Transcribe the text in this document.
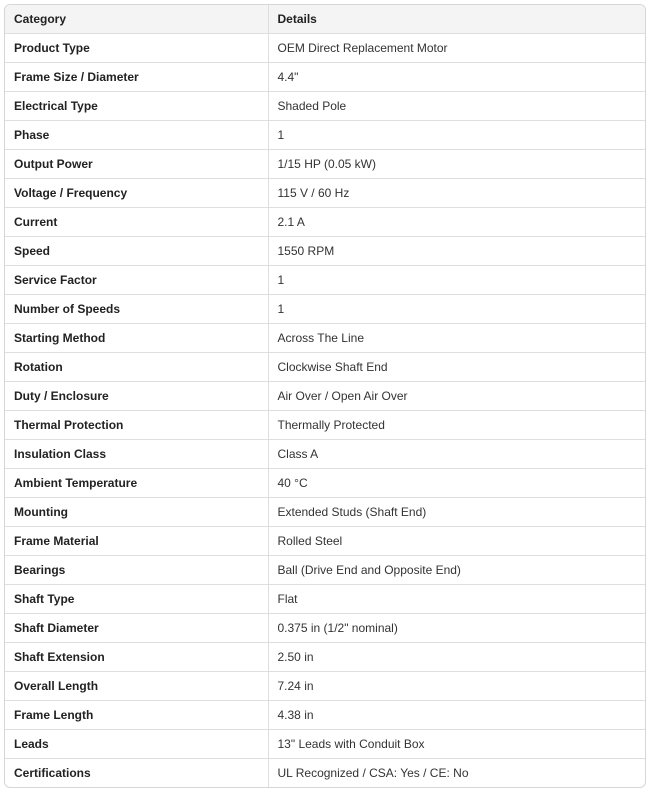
Category	Details
Product Type	OEM Direct Replacement Motor
Frame Size / Diameter	4.4"
Electrical Type	Shaded Pole
Phase	1
Output Power	1/15 HP (0.05 kW)
Voltage / Frequency	115 V / 60 Hz
Current	2.1 A
Speed	1550 RPM
Service Factor	1
Number of Speeds	1
Starting Method	Across The Line
Rotation	Clockwise Shaft End
Duty / Enclosure	Air Over / Open Air Over
Thermal Protection	Thermally Protected
Insulation Class	Class A
Ambient Temperature	40 °C
Mounting	Extended Studs (Shaft End)
Frame Material	Rolled Steel
Bearings	Ball (Drive End and Opposite End)
Shaft Type	Flat
Shaft Diameter	0.375 in (1/2" nominal)
Shaft Extension	2.50 in
Overall Length	7.24 in
Frame Length	4.38 in
Leads	13" Leads with Conduit Box
Certifications	UL Recognized / CSA: Yes / CE: No
